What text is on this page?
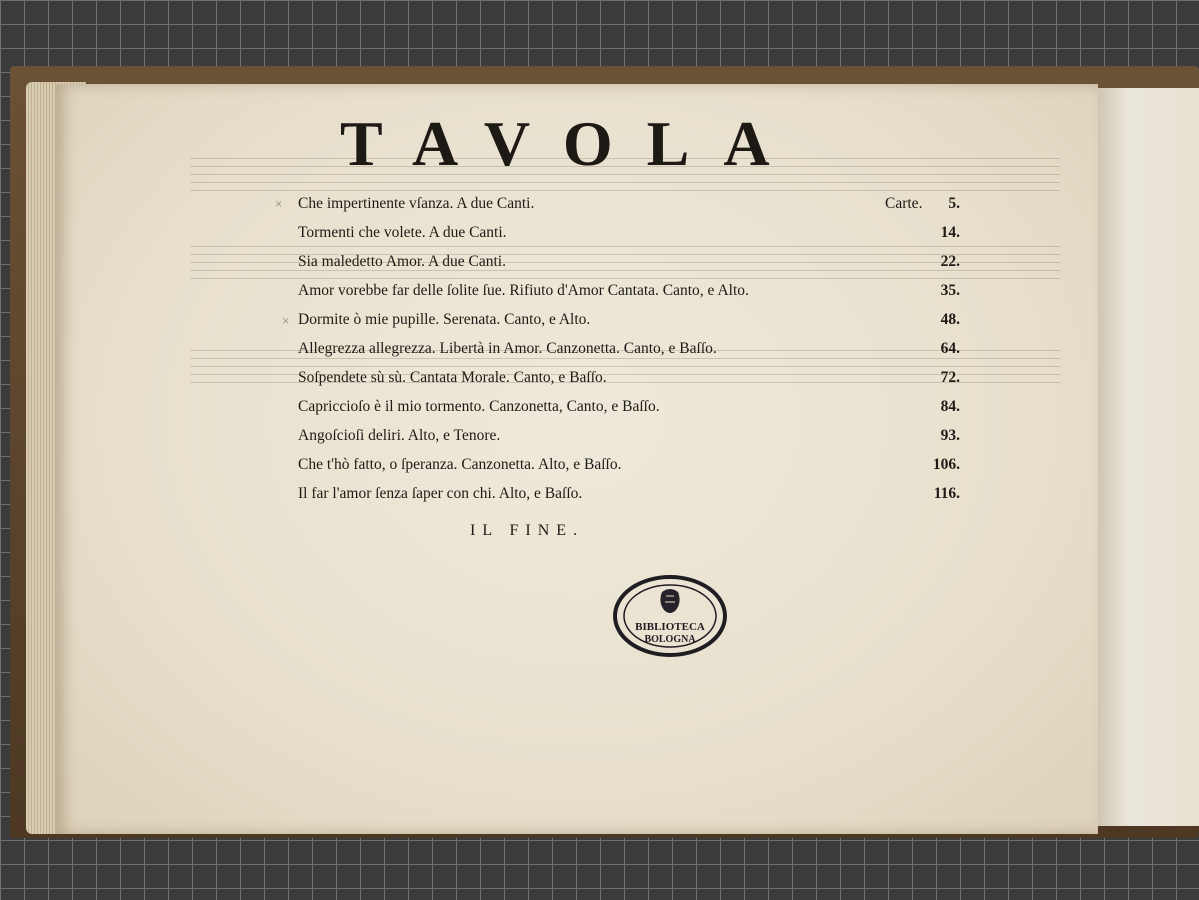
×
×
TAVOLA
Che impertinente vſanza. A due Canti.	Carte. 5.
Tormenti che volete. A due Canti.	14.
Sia maledetto Amor. A due Canti.	22.
Amor vorebbe far delle ſolite ſue. Rifiuto d'Amor Cantata. Canto, e Alto.	35.
Dormite ò mie pupille. Serenata. Canto, e Alto.	48.
Allegrezza allegrezza. Libertà in Amor. Canzonetta. Canto, e Baſſo.	64.
Soſpendete sù sù. Cantata Morale. Canto, e Baſſo.	72.
Capriccioſo è il mio tormento. Canzonetta, Canto, e Baſſo.	84.
Angoſcioſi deliri. Alto, e Tenore.	93.
Che t'hò fatto, o ſperanza. Canzonetta. Alto, e Baſſo.	106.
Il far l'amor ſenza ſaper con chi. Alto, e Baſſo.	116.
IL FINE.
BIBLIOTECA
BOLOGNA
